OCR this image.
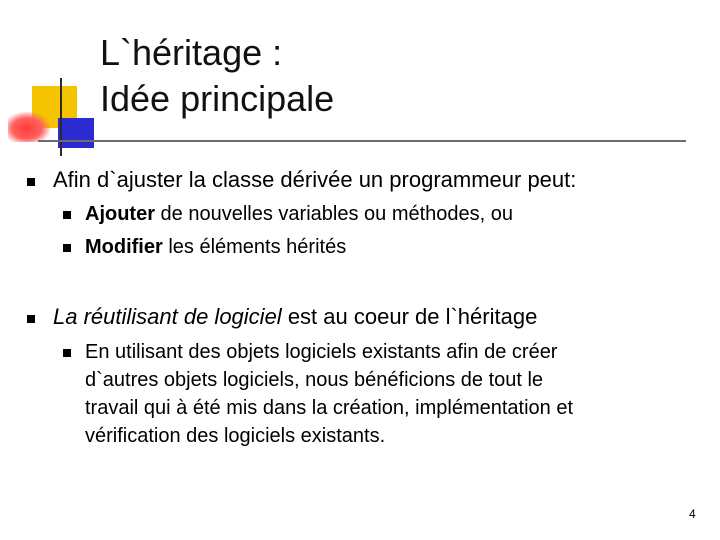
L`héritage :
Idée principale
Afin d`ajuster la classe dérivée un programmeur peut:
Ajouter de nouvelles variables ou méthodes, ou
Modifier les éléments hérités
La réutilisant de logiciel est au coeur de l`héritage
En utilisant des objets logiciels existants afin de créer
d`autres objets logiciels, nous bénéficions de tout le
travail qui à été mis dans la création, implémentation et
vérification des logiciels existants.
4
